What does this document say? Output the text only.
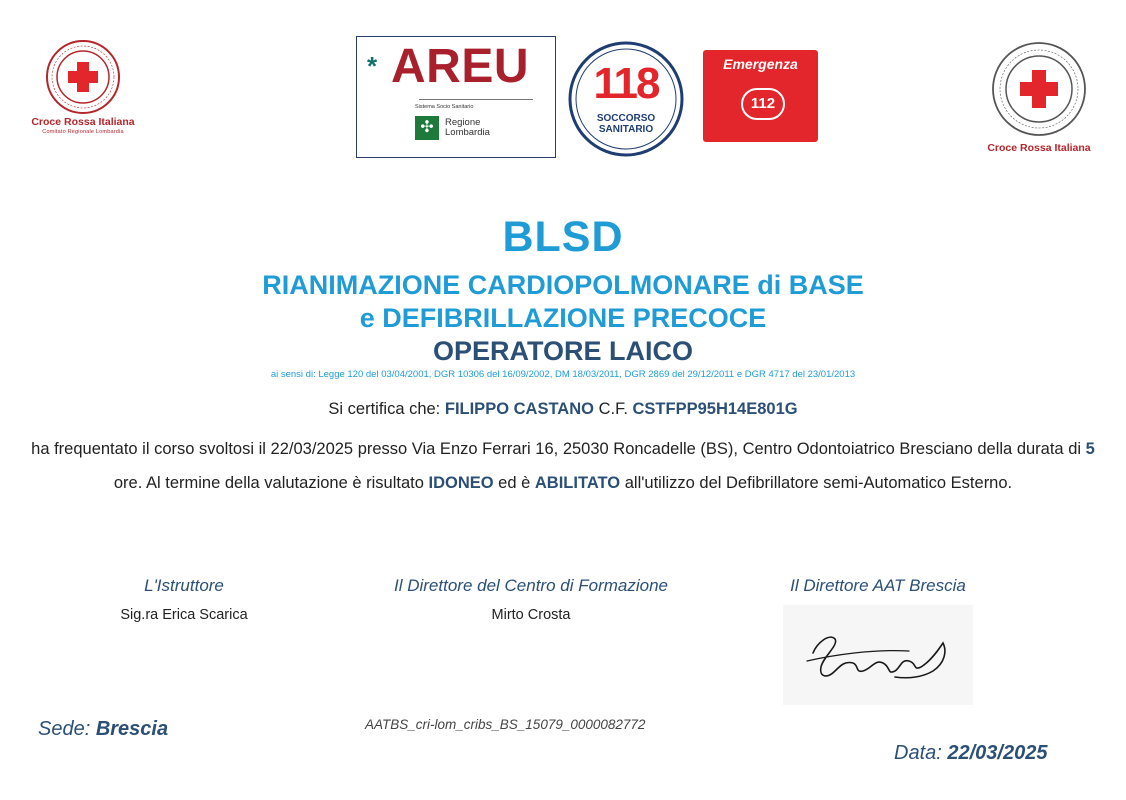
Croce Rossa Italiana
Comitato Regionale Lombardia
* AREU
Sistema Socio Sanitario
✣	Regione
Lombardia
118
SOCCORSO SANITARIO
Emergenza
112
Croce Rossa Italiana
BLSD
RIANIMAZIONE CARDIOPOLMONARE di BASE
e DEFIBRILLAZIONE PRECOCE
OPERATORE LAICO
ai sensi di: Legge 120 del 03/04/2001, DGR 10306 del 16/09/2002, DM 18/03/2011, DGR 2869 del 29/12/2011 e DGR 4717 del 23/01/2013
Si certifica che: FILIPPO CASTANO C.F. CSTFPP95H14E801G
ha frequentato il corso svoltosi il 22/03/2025 presso Via Enzo Ferrari 16, 25030 Roncadelle (BS), Centro Odontoiatrico Bresciano della durata di 5 ore. Al termine della valutazione è risultato IDONEO ed è ABILITATO all'utilizzo del Defibrillatore semi-Automatico Esterno.
L'Istruttore
Sig.ra Erica Scarica
Il Direttore del Centro di Formazione
Mirto Crosta
Il Direttore AAT Brescia
Sede: Brescia	AATBS_cri-lom_cribs_BS_15079_0000082772
Data: 22/03/2025
